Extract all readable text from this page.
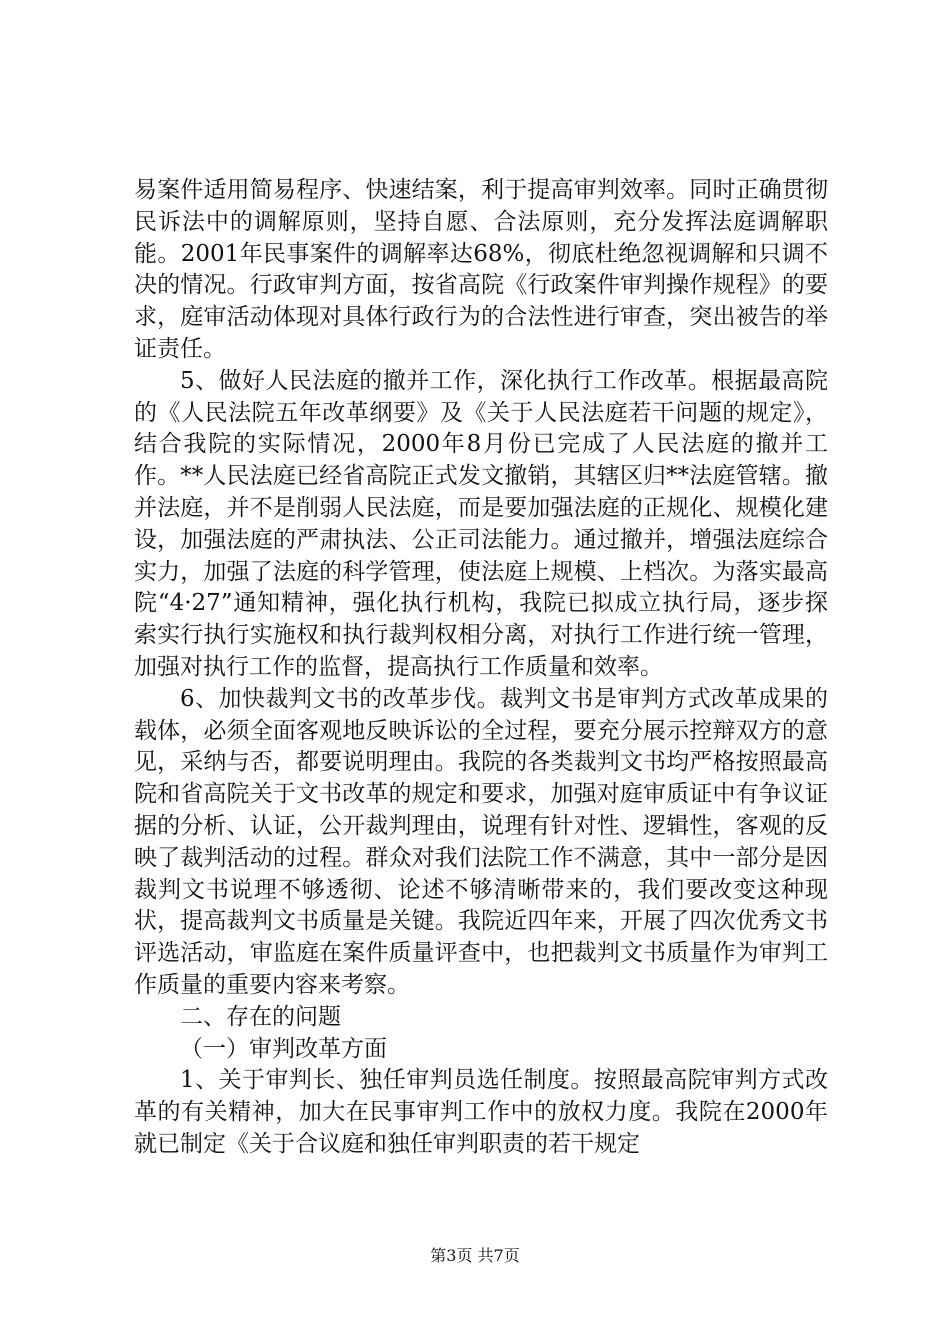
易案件适用简易程序、快速结案，利于提高审判效率。同时正确贯彻民诉法中的调解原则，坚持自愿、合法原则，充分发挥法庭调解职能。2001年民事案件的调解率达68%，彻底杜绝忽视调解和只调不决的情况。行政审判方面，按省高院《行政案件审判操作规程》的要求，庭审活动体现对具体行政行为的合法性进行审查，突出被告的举证责任。

5、做好人民法庭的撤并工作，深化执行工作改革。根据最高院的《人民法院五年改革纲要》及《关于人民法庭若干问题的规定》，结合我院的实际情况，2000年8月份已完成了人民法庭的撤并工作。**人民法庭已经省高院正式发文撤销，其辖区归**法庭管辖。撤并法庭，并不是削弱人民法庭，而是要加强法庭的正规化、规模化建设，加强法庭的严肃执法、公正司法能力。通过撤并，增强法庭综合实力，加强了法庭的科学管理，使法庭上规模、上档次。为落实最高院“4·27”通知精神，强化执行机构，我院已拟成立执行局，逐步探索实行执行实施权和执行裁判权相分离，对执行工作进行统一管理，加强对执行工作的监督，提高执行工作质量和效率。

6、加快裁判文书的改革步伐。裁判文书是审判方式改革成果的载体，必须全面客观地反映诉讼的全过程，要充分展示控辩双方的意见，采纳与否，都要说明理由。我院的各类裁判文书均严格按照最高院和省高院关于文书改革的规定和要求，加强对庭审质证中有争议证据的分析、认证，公开裁判理由，说理有针对性、逻辑性，客观的反映了裁判活动的过程。群众对我们法院工作不满意，其中一部分是因裁判文书说理不够透彻、论述不够清晰带来的，我们要改变这种现状，提高裁判文书质量是关键。我院近四年来，开展了四次优秀文书评选活动，审监庭在案件质量评查中，也把裁判文书质量作为审判工作质量的重要内容来考察。

二、存在的问题

（一）审判改革方面

1、关于审判长、独任审判员选任制度。按照最高院审判方式改革的有关精神，加大在民事审判工作中的放权力度。我院在2000年就已制定《关于合议庭和独任审判职责的若干规定

第3页 共7页
